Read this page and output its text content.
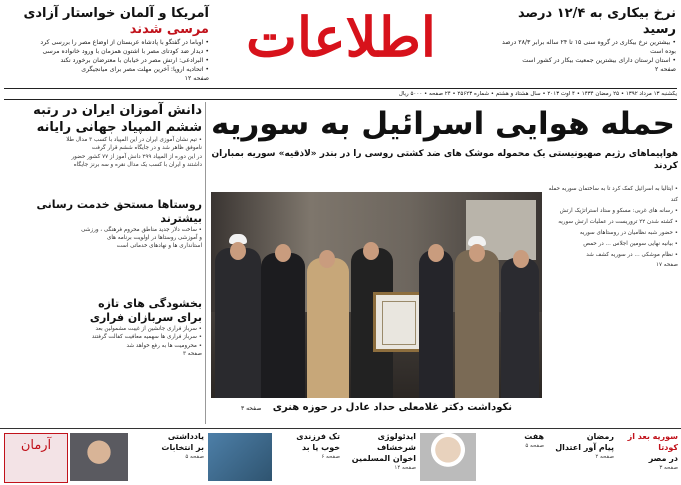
آمریکا و آلمان خواستار آزادی
مرسی شدند
• اوباما در گفتگو با پادشاه عربستان از اوضاع مصر را بررسی کرد
• دیدار ضد کودتای مصر با اشتون همزمان با ورود خانواده مرسی
• البرادعی: ارتش مصر در خیابان با معترضان برخورد نکند
• اتحادیه اروپا: آخرین مهلت مصر برای میانجیگری
صفحه ۱۲
اطلاعات	نرخ بیکاری به ۱۲/۴ درصد
رسید
• بیشترین نرخ بیکاری در گروه سنی ۱۵ تا ۲۴ ساله برابر ۲۸/۳ درصد
بوده است
• استان لرستان دارای بیشترین جمعیت بیکار در کشور است
صفحه ۲
یکشنبه ۱۳ مرداد ۱۳۹۲ • ۲۵ رمضان ۱۴۳۴ • ۴ اوت ۲۰۱۳ • سال هشتاد و هشتم • شماره ۲۵۶۲۳ • ۲۴ صفحه • ۵۰۰۰ ریال
دانش آموزان ایران در رتبه
ششم المپیاد جهانی رایانه
• تیم نشان آموزی ایران در این المپیاد با کسب ۳ مدال طلا
ناموفق ظاهر شد و در جایگاه ششم قرار گرفت
در این دوره از المپیاد ۲۹۹ دانش آموز از ۷۷ کشور حضور
داشتند و ایران با کسب یک مدال نقره و سه برنز جایگاه
روستاها مستحق خدمت رسانی
بیشترند
• ساخت دلار جدید مناطق محروم فرهنگی ، ورزشی
و آموزشی روستاها در اولویت برنامه های
استانداری ها و نهادهای خدماتی است
بخشودگی های تازه
برای سربازان فراری
• سرباز فراری جانشین از غیبت مشمولین بعد
• سرباز فراری ها سهمیه معافیت کفالت گرفتند
• محرومیت ها به رفع خواهد شد
صفحه ۳
حمله هوایی اسرائیل به سوریه
هواپیماهای رژیم صهیونیستی یک محموله موشک های ضد کشتی روسی را در بندر «لاذقیه» سوریه بمباران کردند
نکوداشت دکتر غلامعلی حداد عادل در حوزه هنری صفحه ۳
• ایتالیا به اسرائیل کمک کرد تا به ساختمان سوریه حمله کند
• رسانه های غربی: مسکو و ستاد استراتژیک ارتش
• کشته شدن ۲۲ تروریست در عملیات ارتش سوریه
• حضور شبه نظامیان در روستاهای سوریه
• بیانیه نهایی سومین اجلاس ... در حمص
• نظام موشکی ... در سوریه کشف شد
صفحه ۱۷
سوریه بعد از کودتا
در مصر
صفحه ۳
رمضان
پیام آور اعتدال
صفحه ۲
هفت
صفحه ۵
ایدئولوژی شرخشاف
اخوان المسلمین
صفحه ۱۴
تک فرزندی
خوب یا بد
صفحه ۶
یادداشتی
بر انتخابات
صفحه ۵
آرمان
